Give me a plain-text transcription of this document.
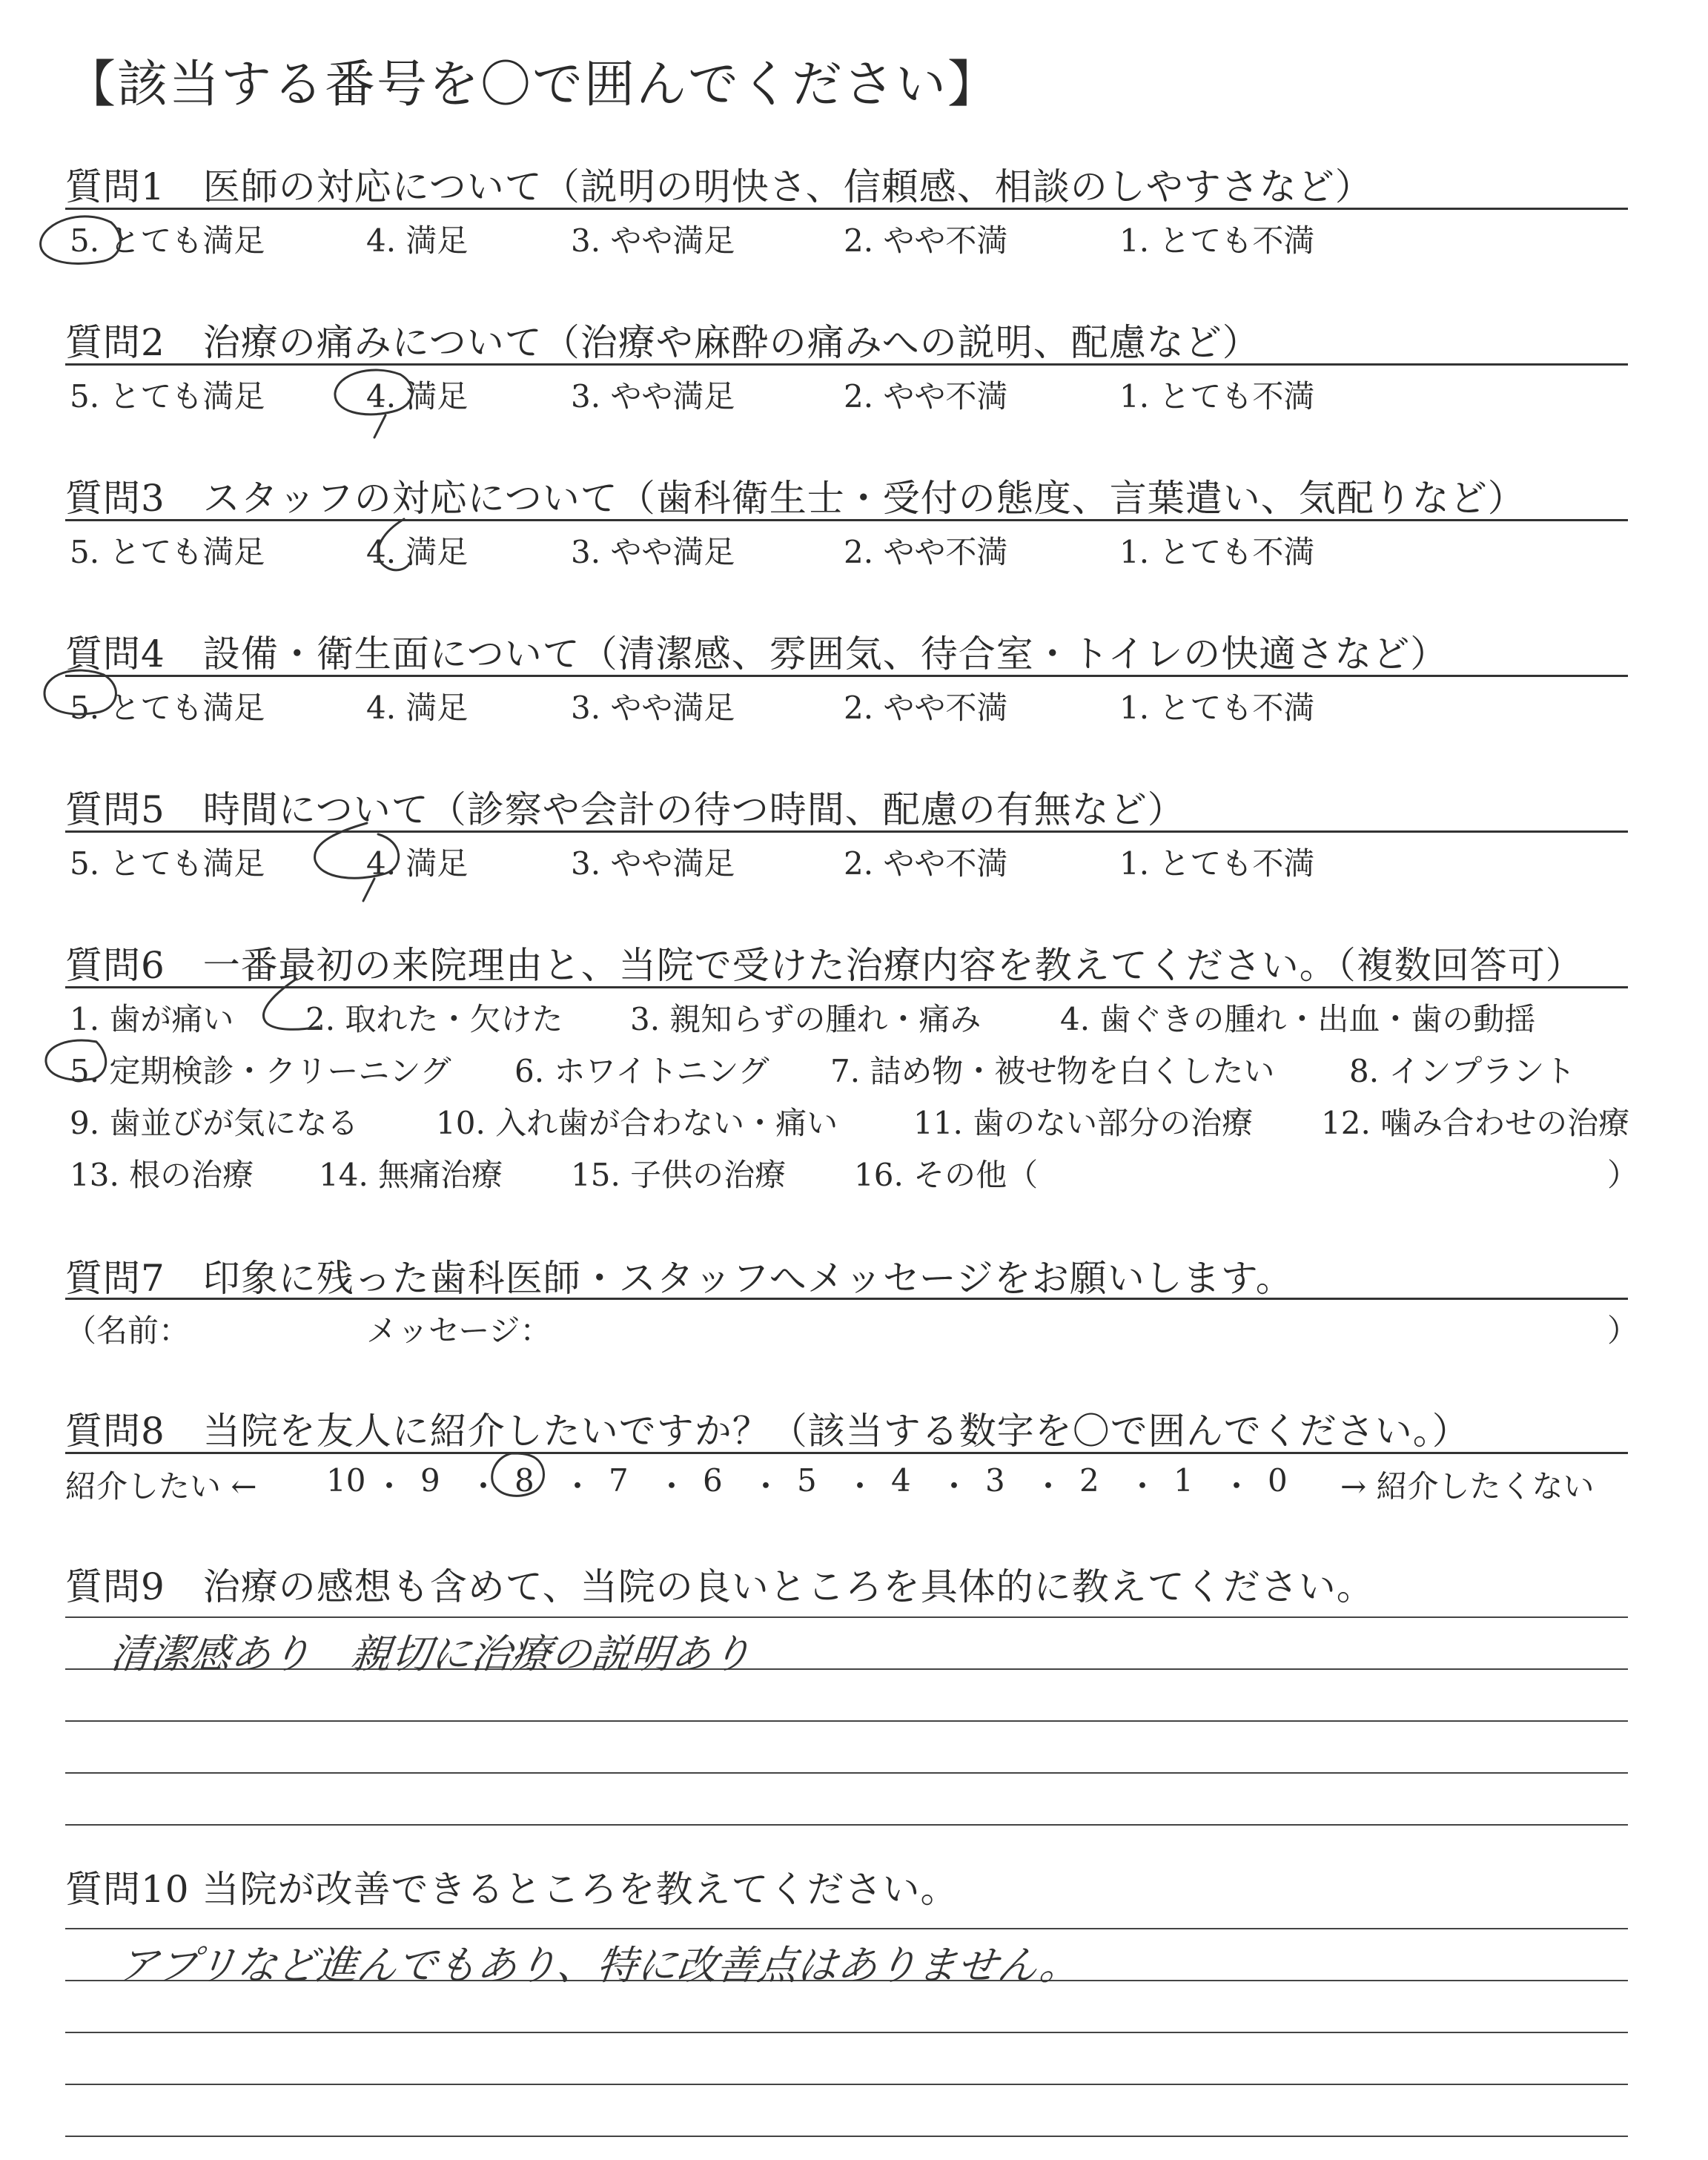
【該当する番号を〇で囲んでください】
質問1　医師の対応について（説明の明快さ、信頼感、相談のしやすさなど）
5. とても満足	4. 満足	3. やや満足	2. やや不満	1. とても不満
質問2　治療の痛みについて（治療や麻酔の痛みへの説明、配慮など）
5. とても満足	4. 満足	3. やや満足	2. やや不満	1. とても不満
質問3　スタッフの対応について（歯科衛生士・受付の態度、言葉遣い、気配りなど）
5. とても満足	4. 満足	3. やや満足	2. やや不満	1. とても不満
質問4　設備・衛生面について（清潔感、雰囲気、待合室・トイレの快適さなど）
5. とても満足	4. 満足	3. やや満足	2. やや不満	1. とても不満
質問5　時間について（診察や会計の待つ時間、配慮の有無など）
5. とても満足	4. 満足	3. やや満足	2. やや不満	1. とても不満
質問6　一番最初の来院理由と、当院で受けた治療内容を教えてください。（複数回答可）
1. 歯が痛い 2. 取れた・欠けた 3. 親知らずの腫れ・痛み	4. 歯ぐきの腫れ・出血・歯の動揺
5. 定期検診・クリーニング 6. ホワイトニング 7. 詰め物・被せ物を白くしたい 8. インプラント
9. 歯並びが気になる 10. 入れ歯が合わない・痛い 11. 歯のない部分の治療 12. 噛み合わせの治療
13. 根の治療 14. 無痛治療 15. 子供の治療 16. その他（	）
質問7　印象に残った歯科医師・スタッフへメッセージをお願いします。
（名前：	メッセージ：	）
質問8　当院を友人に紹介したいですか？（該当する数字を〇で囲んでください。）
紹介したい ← 10 ・ 9 ・ 8 ・ 7 ・ 6 ・ 5 ・ 4 ・ 3 ・ 2 ・ 1 ・ 0 → 紹介したくない
質問9　治療の感想も含めて、当院の良いところを具体的に教えてください。
清潔感あり　親切に治療の説明あり
質問10 当院が改善できるところを教えてください。
アプリなど進んでもあり、特に改善点はありません。
